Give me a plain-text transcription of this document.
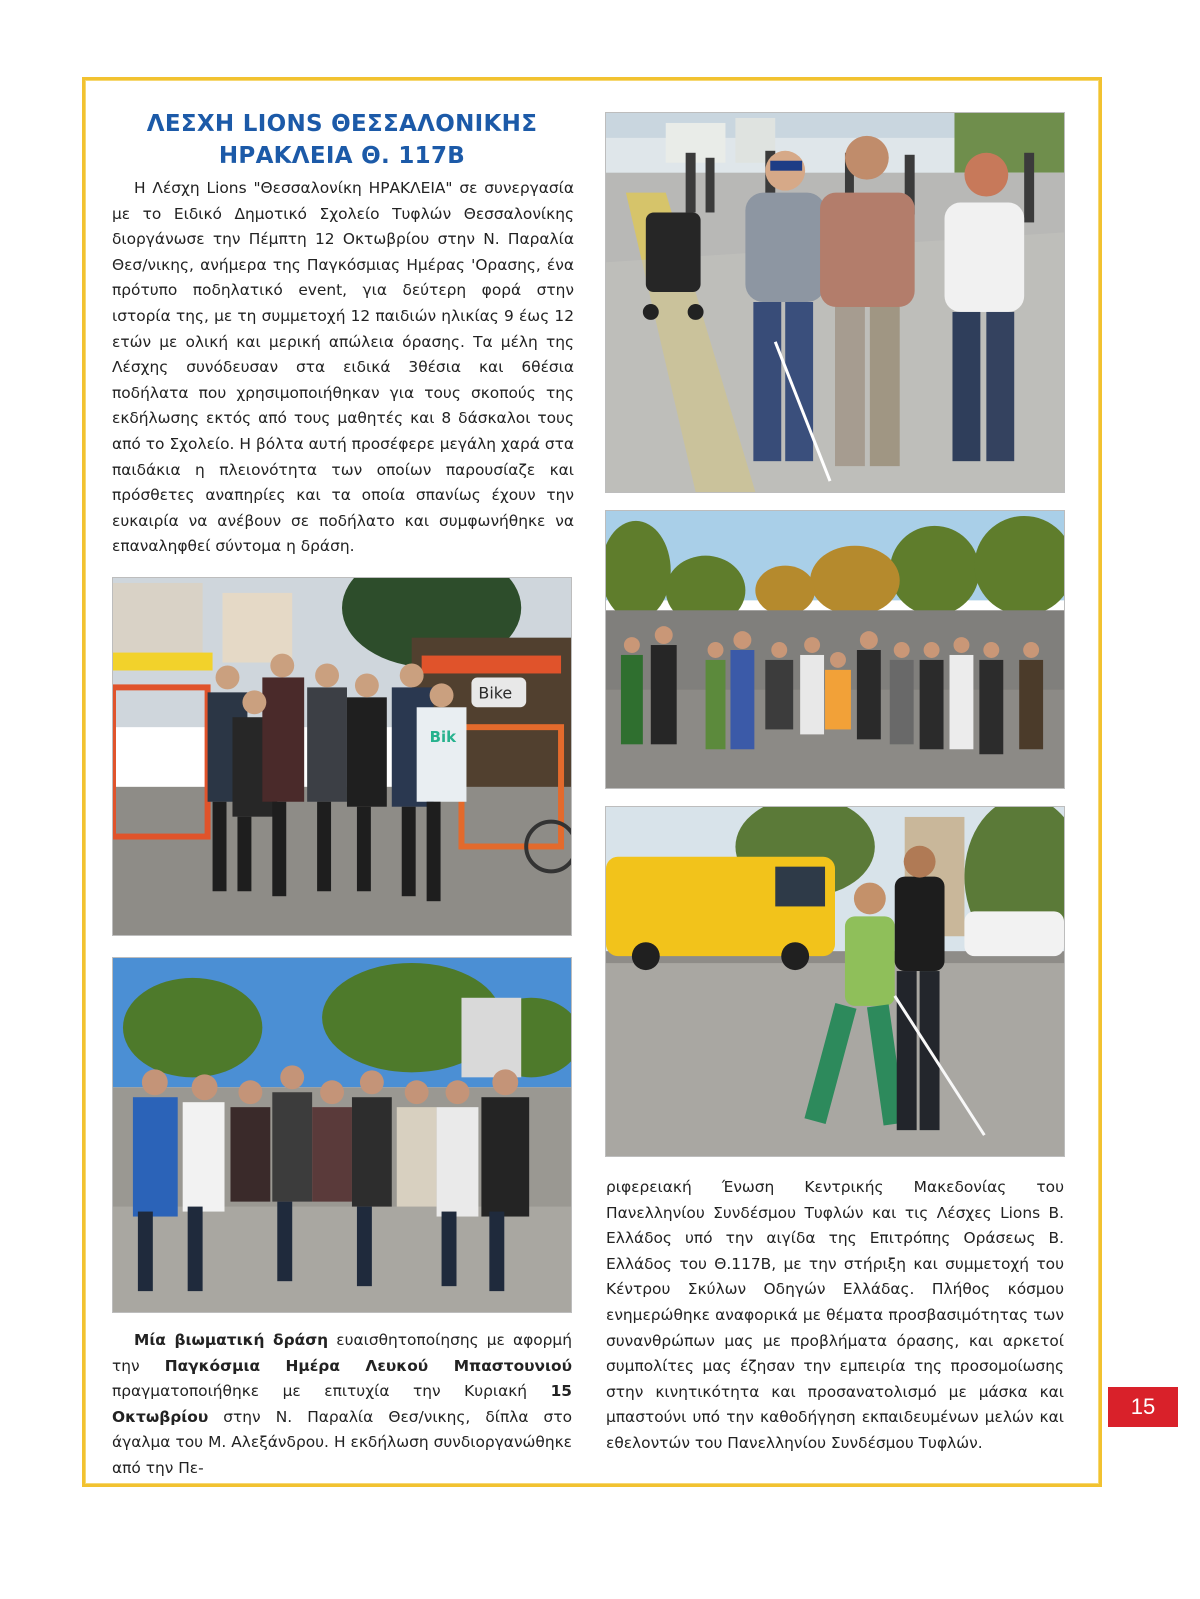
ΛΕΣΧΗ LIONS ΘΕΣΣΑΛΟΝΙΚΗΣ
ΗΡΑΚΛΕΙΑ Θ. 117Β
Η Λέσχη Lions "Θεσσαλονίκη ΗΡΑΚΛΕΙΑ" σε συνεργασία με το Ειδικό Δημοτικό Σχολείο Τυφλών Θεσσαλονίκης διοργάνωσε την Πέμπτη 12 Οκτωβρίου στην Ν. Παραλία Θεσ/νικης, ανήμερα της Παγκόσμιας Ημέρας 'Ορασης, ένα πρότυπο ποδηλατικό event, για δεύτερη φορά στην ιστορία της, με τη συμμετοχή 12 παιδιών ηλικίας 9 έως 12 ετών με ολική και μερική απώλεια όρασης. Τα μέλη της Λέσχης συνόδευσαν στα ειδικά 3θέσια και 6θέσια ποδήλατα που χρησιμοποιήθηκαν για τους σκοπούς της εκδήλωσης εκτός από τους μαθητές και 8 δάσκαλοι τους από το Σχολείο. Η βόλτα αυτή προσέφερε μεγάλη χαρά στα παιδάκια η πλειονότητα των οποίων παρουσίαζε και πρόσθετες αναπηρίες και τα οποία σπανίως έχουν την ευκαιρία να ανέβουν σε ποδήλατο και συμφωνήθηκε να επαναληφθεί σύντομα η δράση.
Bike
Bik
Μία βιωματική δράση ευαισθητοποίησης με αφορμή την Παγκόσμια Ημέρα Λευκού Μπαστουνιού πραγματοποιήθηκε με επιτυχία την Κυριακή 15 Οκτωβρίου στην Ν. Παραλία Θεσ/νικης, δίπλα στο άγαλμα του Μ. Αλεξάνδρου. Η εκδήλωση συνδιοργανώθηκε από την Πε-
ριφερειακή Ένωση Κεντρικής Μακεδονίας του Πανελληνίου Συνδέσμου Τυφλών και τις Λέσχες Lions Β. Ελλάδος υπό την αιγίδα της Επιτρόπης Οράσεως Β. Ελλάδος του Θ.117Β, με την στήριξη και συμμετοχή του Κέντρου Σκύλων Οδηγών Ελλάδας. Πλήθος κόσμου ενημερώθηκε αναφορικά με θέματα προσβασιμότητας των συνανθρώπων μας με προβλήματα όρασης, και αρκετοί συμπολίτες μας έζησαν την εμπειρία της προσομοίωσης στην κινητικότητα και προσανατολισμό με μάσκα και μπαστούνι υπό την καθοδήγηση εκπαιδευμένων μελών και εθελοντών του Πανελληνίου Συνδέσμου Τυφλών.
15
